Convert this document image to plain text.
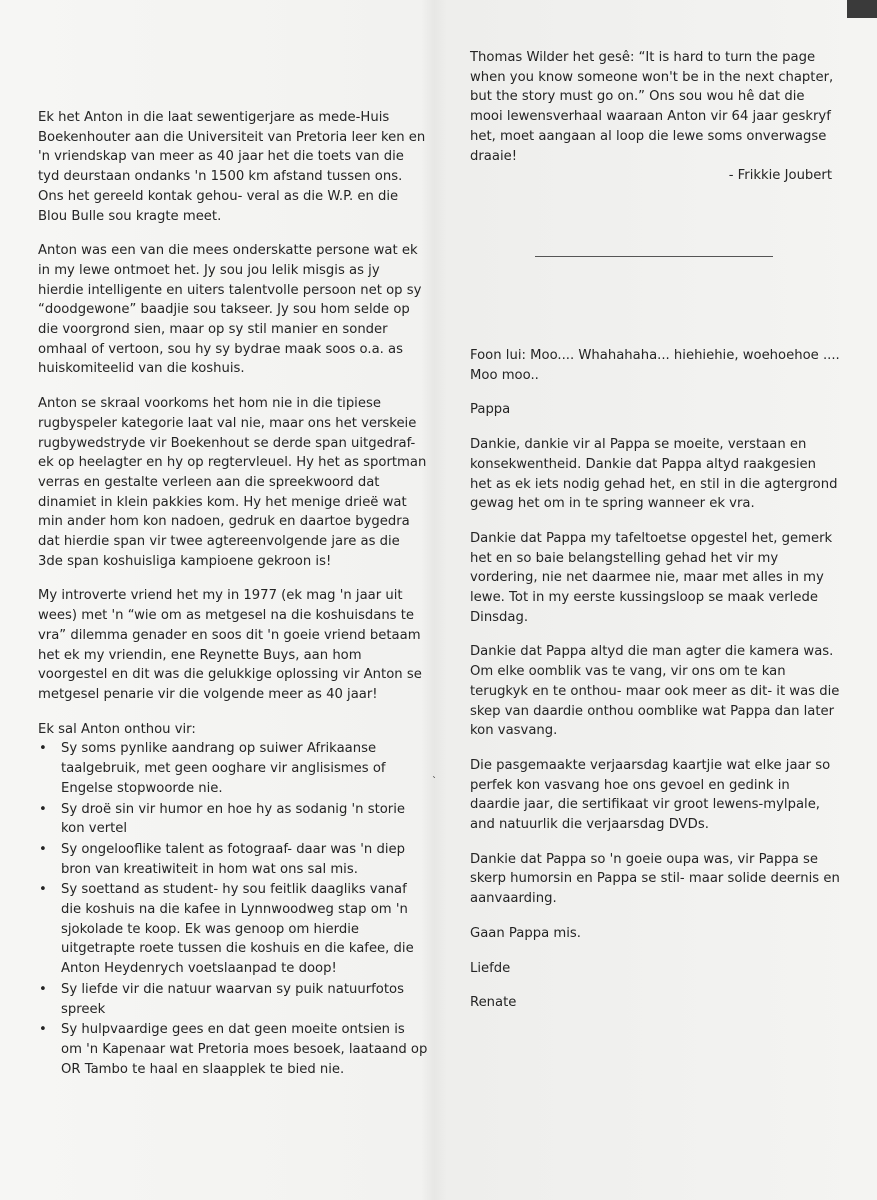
Ek het Anton in die laat sewentigerjare as mede-Huis Boekenhouter aan die Universiteit van Pretoria leer ken en 'n vriendskap van meer as 40 jaar het die toets van die tyd deurstaan ondanks 'n 1500 km afstand tussen ons. Ons het gereeld kontak gehou- veral as die W.P. en die Blou Bulle sou kragte meet.

Anton was een van die mees onderskatte persone wat ek in my lewe ontmoet het. Jy sou jou lelik misgis as jy hierdie intelligente en uiters talentvolle persoon net op sy “doodgewone” baadjie sou takseer. Jy sou hom selde op die voorgrond sien, maar op sy stil manier en sonder omhaal of vertoon, sou hy sy bydrae maak soos o.a. as huiskomiteelid van die koshuis.

Anton se skraal voorkoms het hom nie in die tipiese rugbyspeler kategorie laat val nie, maar ons het verskeie rugbywedstryde vir Boekenhout se derde span uitgedraf- ek op heelagter en hy op regtervleuel. Hy het as sportman verras en gestalte verleen aan die spreekwoord dat dinamiet in klein pakkies kom. Hy het menige drieë wat min ander hom kon nadoen, gedruk en daartoe bygedra dat hierdie span vir twee agtereenvolgende jare as die 3de span koshuisliga kampioene gekroon is!

My introverte vriend het my in 1977 (ek mag 'n jaar uit wees) met 'n “wie om as metgesel na die koshuisdans te vra” dilemma genader en soos dit 'n goeie vriend betaam het ek my vriendin, ene Reynette Buys, aan hom voorgestel en dit was die gelukkige oplossing vir Anton se metgesel penarie vir die volgende meer as 40 jaar!

Ek sal Anton onthou vir:

• Sy soms pynlike aandrang op suiwer Afrikaanse taalgebruik, met geen ooghare vir anglisismes of Engelse stopwoorde nie.
• Sy droë sin vir humor en hoe hy as sodanig 'n storie kon vertel
• Sy ongelooflike talent as fotograaf- daar was 'n diep bron van kreatiwiteit in hom wat ons sal mis.
• Sy soettand as student- hy sou feitlik daagliks vanaf die koshuis na die kafee in Lynnwoodweg stap om 'n sjokolade te koop. Ek was genoop om hierdie uitgetrapte roete tussen die koshuis en die kafee, die Anton Heydenrych voetslaanpad te doop!
• Sy liefde vir die natuur waarvan sy puik natuurfotos spreek
• Sy hulpvaardige gees en dat geen moeite ontsien is om 'n Kapenaar wat Pretoria moes besoek, laataand op OR Tambo te haal en slaapplek te bied nie.

Thomas Wilder het gesê: “It is hard to turn the page when you know someone won't be in the next chapter, but the story must go on.” Ons sou wou hê dat die mooi lewensverhaal waaraan Anton vir 64 jaar geskryf het, moet aangaan al loop die lewe soms onverwagse draaie!

- Frikkie Joubert

Foon lui: Moo.... Whahahaha... hiehiehie, woehoehoe .... Moo moo..

Pappa

Dankie, dankie vir al Pappa se moeite, verstaan en konsekwentheid. Dankie dat Pappa altyd raakgesien het as ek iets nodig gehad het, en stil in die agtergrond gewag het om in te spring wanneer ek vra.

Dankie dat Pappa my tafeltoetse opgestel het, gemerk het en so baie belangstelling gehad het vir my vordering, nie net daarmee nie, maar met alles in my lewe. Tot in my eerste kussingsloop se maak verlede Dinsdag.

Dankie dat Pappa altyd die man agter die kamera was. Om elke oomblik vas te vang, vir ons om te kan terugkyk en te onthou- maar ook meer as dit- it was die skep van daardie onthou oomblike wat Pappa dan later kon vasvang.

Die pasgemaakte verjaarsdag kaartjie wat elke jaar so perfek kon vasvang hoe ons gevoel en gedink in daardie jaar, die sertifikaat vir groot lewens-mylpale, and natuurlik die verjaarsdag DVDs.

Dankie dat Pappa so 'n goeie oupa was, vir Pappa se skerp humorsin en Pappa se stil- maar solide deernis en aanvaarding.

Gaan Pappa mis.

Liefde

Renate

`
